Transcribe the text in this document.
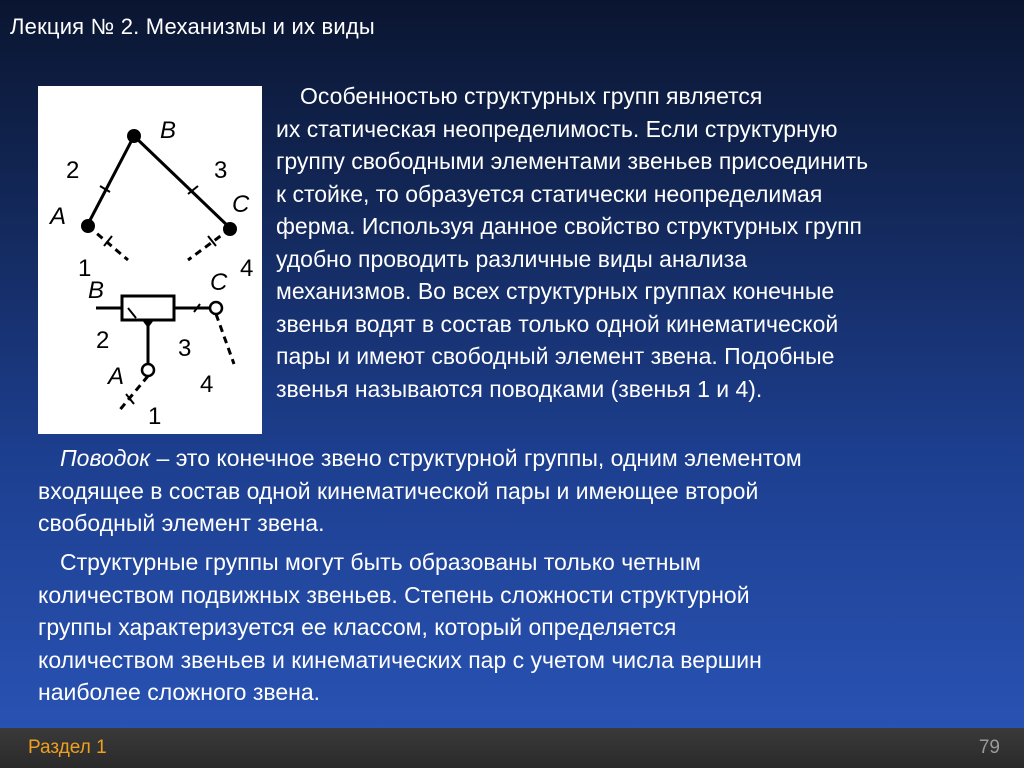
Лекция № 2. Механизмы и их виды
B
2	3
A	C
1	4
B	C
2	3
A	4
1
Особенностью структурных групп является
их статическая неопределимость. Если структурную
группу свободными элементами звеньев присоединить
к стойке, то образуется статически неопределимая
ферма. Используя данное свойство структурных групп
удобно проводить различные виды анализа
механизмов. Во всех структурных группах конечные
звенья водят в состав только одной кинематической
пары и имеют свободный элемент звена. Подобные
звенья называются поводками (звенья 1 и 4).
Поводок – это конечное звено структурной группы, одним элементом
входящее в состав одной кинематической пары и имеющее второй
свободный элемент звена.
Структурные группы могут быть образованы только четным
количеством подвижных звеньев. Степень сложности структурной
группы характеризуется ее классом, который определяется
количеством звеньев и кинематических пар с учетом числа вершин
наиболее сложного звена.
Раздел 1	79
